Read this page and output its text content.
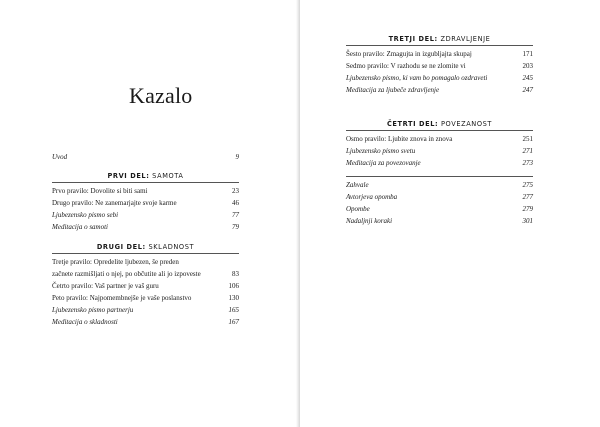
Kazalo
Uvod	9
PRVI DEL: SAMOTA
Prvo pravilo: Dovolite si biti sami	23
Drugo pravilo: Ne zanemarjajte svoje karme	46
Ljubezensko pismo sebi	77
Meditacija o samoti	79
DRUGI DEL: SKLADNOST
Tretje pravilo: Opredelite ljubezen, še preden
začnete razmišljati o njej, po občutite ali jo izpoveste	83
Četrto pravilo: Vaš partner je vaš guru	106
Peto pravilo: Najpomembnejše je vaše poslanstvo	130
Ljubezensko pismo partnerju	165
Meditacija o skladnosti	167
TRETJI DEL: ZDRAVLJENJE
Šesto pravilo: Zmagujta in izgubljajta skupaj	171
Sedmo pravilo: V razhodu se ne zlomite vi	203
Ljubezensko pismo, ki vam bo pomagalo ozdraveti	245
Meditacija za ljubeče zdravljenje	247
ČETRTI DEL: POVEZANOST
Osmo pravilo: Ljubite znova in znova	251
Ljubezensko pismo svetu	271
Meditacija za povezovanje	273
Zahvale	275
Avtorjeva opomba	277
Opombe	279
Nadaljnji koraki	301
